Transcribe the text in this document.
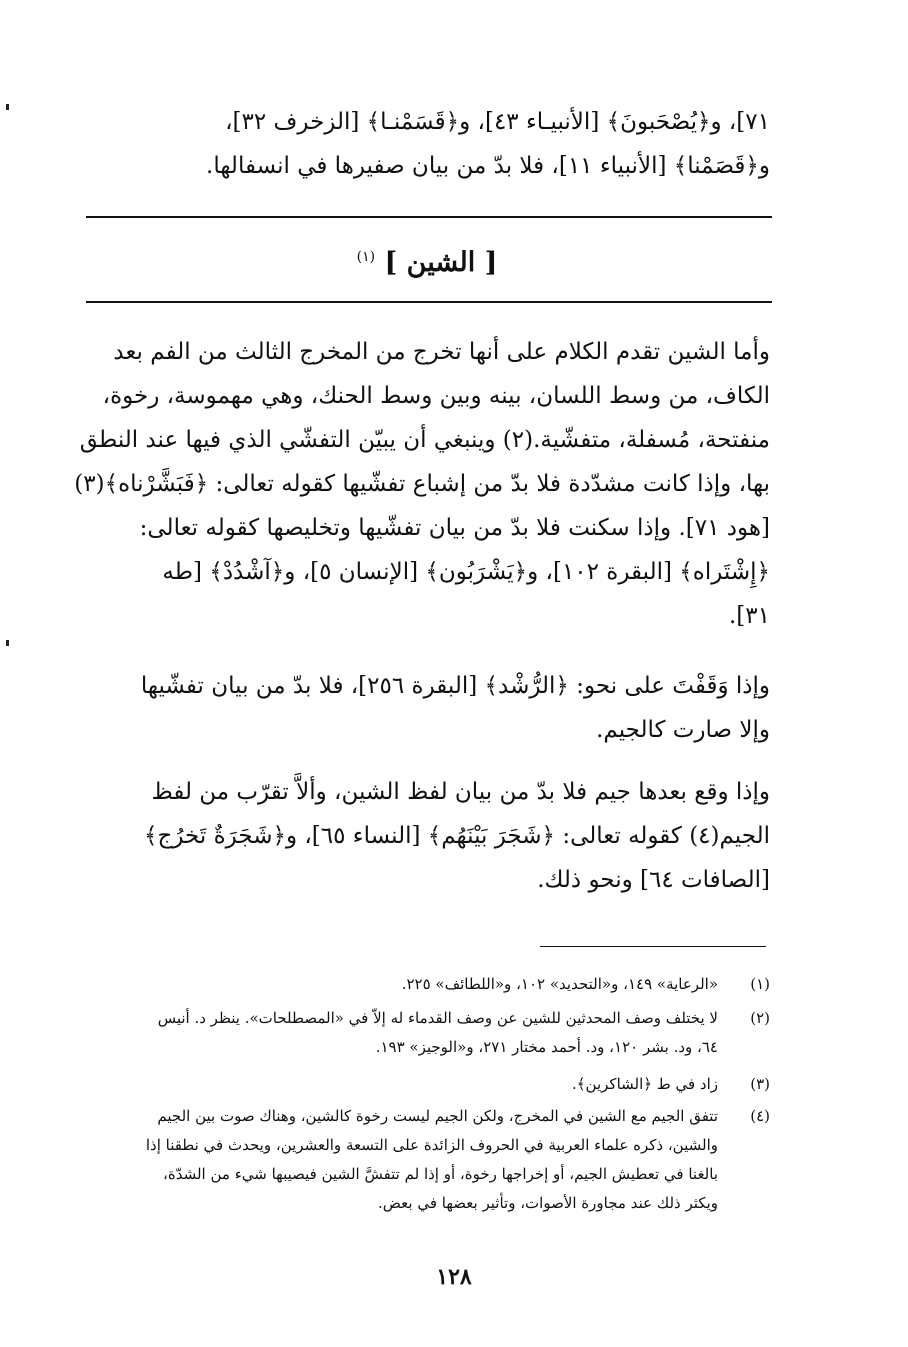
٧١]، و﴿يُصْحَبونَ﴾ [الأنبيـاء ٤٣]، و﴿قَسَمْنـا﴾ [الزخرف ٣٢]،
و﴿قَصَمْنا﴾ [الأنبياء ١١]، فلا بدّ من بيان صفيرها في انسفالها.
[ الشين ] $^{(١)}$
وأما الشين تقدم الكلام على أنها تخرج من المخرج الثالث من الفم بعد
الكاف، من وسط اللسان، بينه وبين وسط الحنك، وهي مهموسة، رخوة،
منفتحة، مُسفلة، متفشّية.(٢) وينبغي أن يبيّن التفشّي الذي فيها عند النطق
بها، وإذا كانت مشدّدة فلا بدّ من إشباع تفشّيها كقوله تعالى: ﴿فَبَشَّرْناه﴾(٣)
[هود ٧١]. وإذا سكنت فلا بدّ من بيان تفشّيها وتخليصها كقوله تعالى:
﴿إِشْتَراه﴾ [البقرة ١٠٢]، و﴿يَشْرَبُون﴾ [الإنسان ٥]، و﴿آشْدُدْ﴾ [طه
٣١].
وإذا وَقَفْتَ على نحو: ﴿الرُّشْد﴾ [البقرة ٢٥٦]، فلا بدّ من بيان تفشّيها
وإلا صارت كالجيم.
وإذا وقع بعدها جيم فلا بدّ من بيان لفظ الشين، وألاَّ تقرّب من لفظ
الجيم(٤) كقوله تعالى: ﴿شَجَرَ بَيْنَهُم﴾ [النساء ٦٥]، و﴿شَجَرَةٌ تَخرُج﴾
[الصافات ٦٤] ونحو ذلك.
(١)
«الرعاية» ١٤٩، و«التحديد» ١٠٢، و«اللطائف» ٢٢٥.
(٢)
لا يختلف وصف المحدثين للشين عن وصف القدماء له إلاّ في «المصطلحات». ينظر د. أنيس
٦٤، ود. بشر ١٢٠، ود. أحمد مختار ٢٧١، و«الوجيز» ١٩٣.
(٣)
زاد في ط ﴿الشاكرين﴾.
(٤)
تتفق الجيم مع الشين في المخرج، ولكن الجيم ليست رخوة كالشين، وهناك صوت بين الجيم
والشين، ذكره علماء العربية في الحروف الزائدة على التسعة والعشرين، ويحدث في نطقنا إذا
بالغنا في تعطيش الجيم، أو إخراجها رخوة، أو إذا لم تتفشَّ الشين فيصيبها شيء من الشدّة،
ويكثر ذلك عند مجاورة الأصوات، وتأثير بعضها في بعض.
١٢٨
